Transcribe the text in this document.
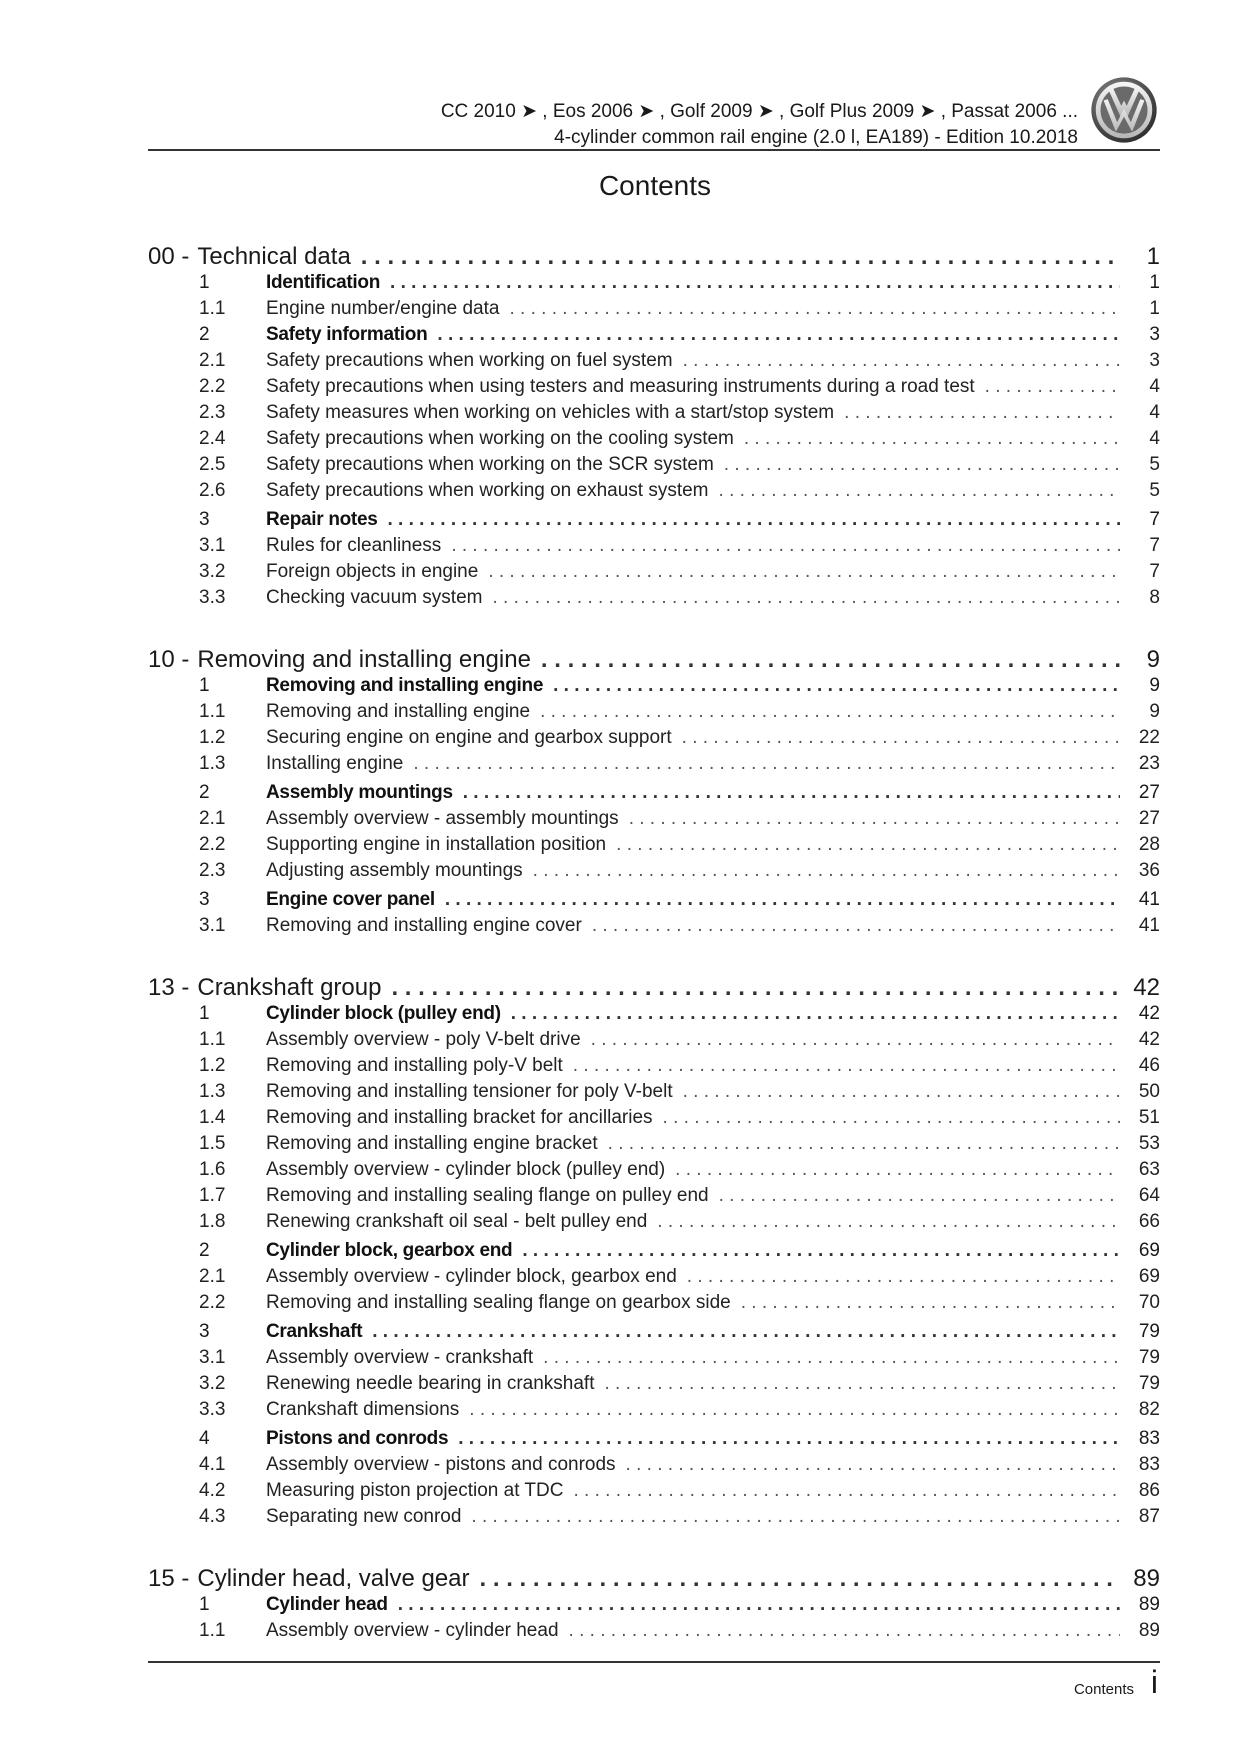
CC 2010 ➤ , Eos 2006 ➤ , Golf 2009 ➤ , Golf Plus 2009 ➤ , Passat 2006 ...
4-cylinder common rail engine (2.0 l, EA189) - Edition 10.2018
Contents
00 - Technical data . . .	1
1	Identification . . .	1
1.1	Engine number/engine data . . .	1
2	Safety information . . .	3
2.1	Safety precautions when working on fuel system . . .	3
2.2	Safety precautions when using testers and measuring instruments during a road test . . .	4
2.3	Safety measures when working on vehicles with a start/stop system . . .	4
2.4	Safety precautions when working on the cooling system . . .	4
2.5	Safety precautions when working on the SCR system . . .	5
2.6	Safety precautions when working on exhaust system . . .	5
3	Repair notes . . .	7
3.1	Rules for cleanliness . . .	7
3.2	Foreign objects in engine . . .	7
3.3	Checking vacuum system . . .	8
10 - Removing and installing engine . . .	9
1	Removing and installing engine . . .	9
1.1	Removing and installing engine . . .	9
1.2	Securing engine on engine and gearbox support . . .	22
1.3	Installing engine . . .	23
2	Assembly mountings . . .	27
2.1	Assembly overview - assembly mountings . . .	27
2.2	Supporting engine in installation position . . .	28
2.3	Adjusting assembly mountings . . .	36
3	Engine cover panel . . .	41
3.1	Removing and installing engine cover . . .	41
13 - Crankshaft group . . .	42
1	Cylinder block (pulley end) . . .	42
1.1	Assembly overview - poly V-belt drive . . .	42
1.2	Removing and installing poly-V belt . . .	46
1.3	Removing and installing tensioner for poly V-belt . . .	50
1.4	Removing and installing bracket for ancillaries . . .	51
1.5	Removing and installing engine bracket . . .	53
1.6	Assembly overview - cylinder block (pulley end) . . .	63
1.7	Removing and installing sealing flange on pulley end . . .	64
1.8	Renewing crankshaft oil seal - belt pulley end . . .	66
2	Cylinder block, gearbox end . . .	69
2.1	Assembly overview - cylinder block, gearbox end . . .	69
2.2	Removing and installing sealing flange on gearbox side . . .	70
3	Crankshaft . . .	79
3.1	Assembly overview - crankshaft . . .	79
3.2	Renewing needle bearing in crankshaft . . .	79
3.3	Crankshaft dimensions . . .	82
4	Pistons and conrods . . .	83
4.1	Assembly overview - pistons and conrods . . .	83
4.2	Measuring piston projection at TDC . . .	86
4.3	Separating new conrod . . .	87
15 - Cylinder head, valve gear . . .	89
1	Cylinder head . . .	89
1.1	Assembly overview - cylinder head . . .	89
Contents i
